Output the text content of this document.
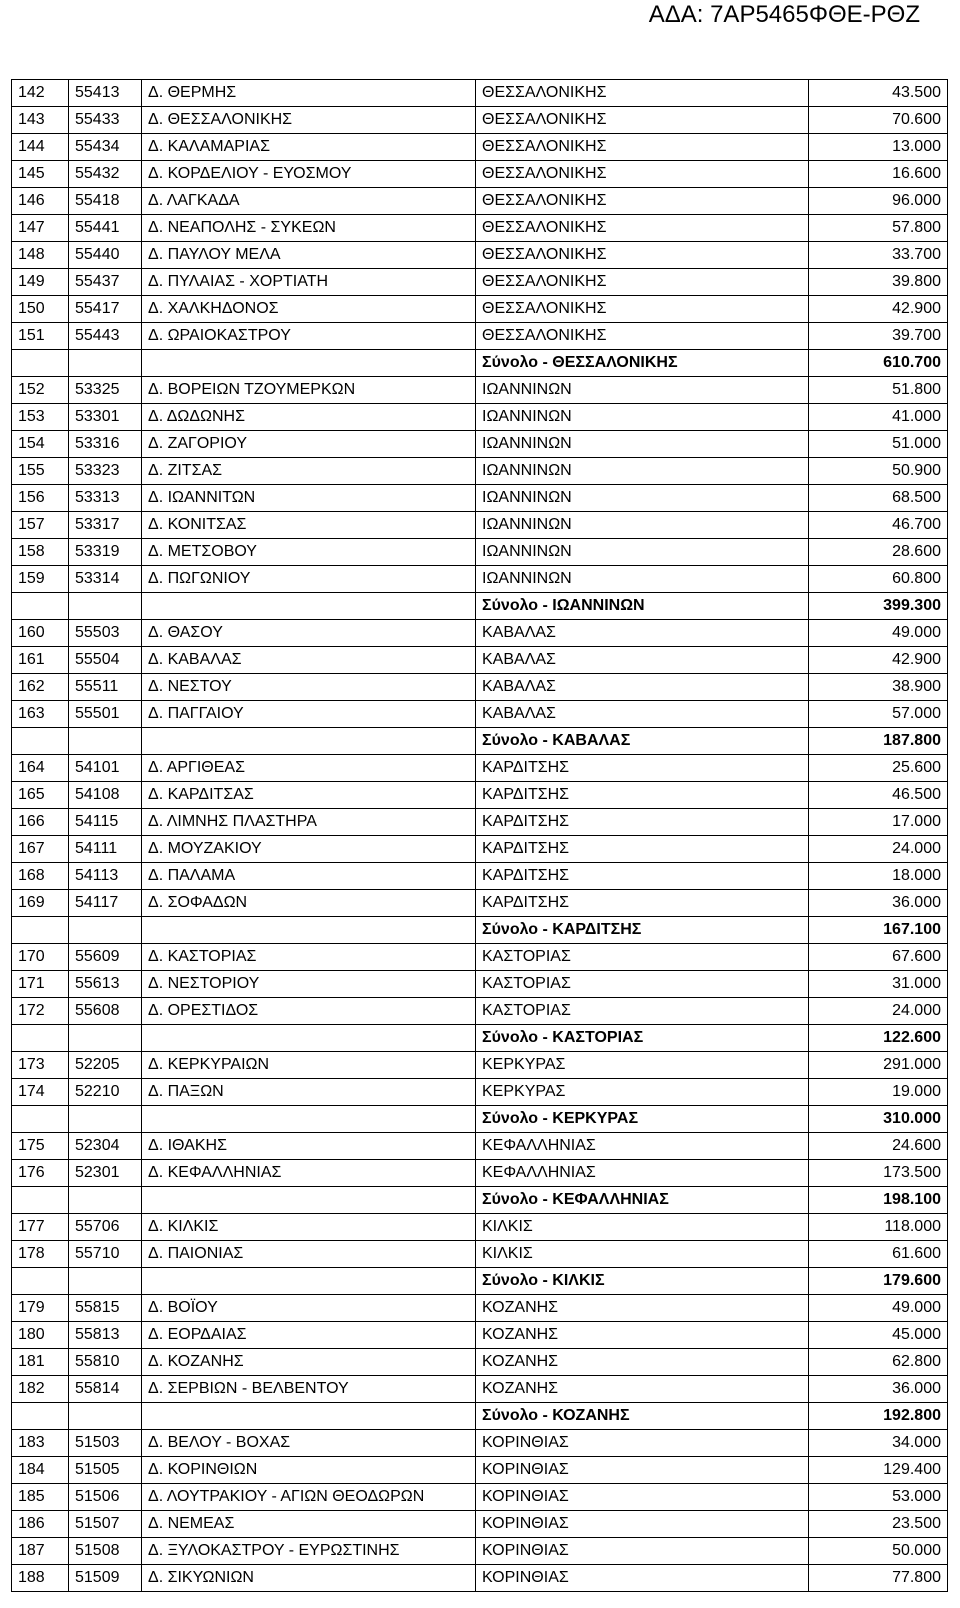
ΑΔΑ: 7ΑΡ5465ΦΘΕ-ΡΘΖ
142	55413	Δ. ΘΕΡΜΗΣ	ΘΕΣΣΑΛΟΝΙΚΗΣ	43.500
143	55433	Δ. ΘΕΣΣΑΛΟΝΙΚΗΣ	ΘΕΣΣΑΛΟΝΙΚΗΣ	70.600
144	55434	Δ. ΚΑΛΑΜΑΡΙΑΣ	ΘΕΣΣΑΛΟΝΙΚΗΣ	13.000
145	55432	Δ. ΚΟΡΔΕΛΙΟΥ - ΕΥΟΣΜΟΥ	ΘΕΣΣΑΛΟΝΙΚΗΣ	16.600
146	55418	Δ. ΛΑΓΚΑΔΑ	ΘΕΣΣΑΛΟΝΙΚΗΣ	96.000
147	55441	Δ. ΝΕΑΠΟΛΗΣ - ΣΥΚΕΩΝ	ΘΕΣΣΑΛΟΝΙΚΗΣ	57.800
148	55440	Δ. ΠΑΥΛΟΥ ΜΕΛΑ	ΘΕΣΣΑΛΟΝΙΚΗΣ	33.700
149	55437	Δ. ΠΥΛΑΙΑΣ - ΧΟΡΤΙΑΤΗ	ΘΕΣΣΑΛΟΝΙΚΗΣ	39.800
150	55417	Δ. ΧΑΛΚΗΔΟΝΟΣ	ΘΕΣΣΑΛΟΝΙΚΗΣ	42.900
151	55443	Δ. ΩΡΑΙΟΚΑΣΤΡΟΥ	ΘΕΣΣΑΛΟΝΙΚΗΣ	39.700
			Σύνολο - ΘΕΣΣΑΛΟΝΙΚΗΣ	610.700
152	53325	Δ. ΒΟΡΕΙΩΝ ΤΖΟΥΜΕΡΚΩΝ	ΙΩΑΝΝΙΝΩΝ	51.800
153	53301	Δ. ΔΩΔΩΝΗΣ	ΙΩΑΝΝΙΝΩΝ	41.000
154	53316	Δ. ΖΑΓΟΡΙΟΥ	ΙΩΑΝΝΙΝΩΝ	51.000
155	53323	Δ. ΖΙΤΣΑΣ	ΙΩΑΝΝΙΝΩΝ	50.900
156	53313	Δ. ΙΩΑΝΝΙΤΩΝ	ΙΩΑΝΝΙΝΩΝ	68.500
157	53317	Δ. ΚΟΝΙΤΣΑΣ	ΙΩΑΝΝΙΝΩΝ	46.700
158	53319	Δ. ΜΕΤΣΟΒΟΥ	ΙΩΑΝΝΙΝΩΝ	28.600
159	53314	Δ. ΠΩΓΩΝΙΟΥ	ΙΩΑΝΝΙΝΩΝ	60.800
			Σύνολο - ΙΩΑΝΝΙΝΩΝ	399.300
160	55503	Δ. ΘΑΣΟΥ	ΚΑΒΑΛΑΣ	49.000
161	55504	Δ. ΚΑΒΑΛΑΣ	ΚΑΒΑΛΑΣ	42.900
162	55511	Δ. ΝΕΣΤΟΥ	ΚΑΒΑΛΑΣ	38.900
163	55501	Δ. ΠΑΓΓΑΙΟΥ	ΚΑΒΑΛΑΣ	57.000
			Σύνολο - ΚΑΒΑΛΑΣ	187.800
164	54101	Δ. ΑΡΓΙΘΕΑΣ	ΚΑΡΔΙΤΣΗΣ	25.600
165	54108	Δ. ΚΑΡΔΙΤΣΑΣ	ΚΑΡΔΙΤΣΗΣ	46.500
166	54115	Δ. ΛΙΜΝΗΣ ΠΛΑΣΤΗΡΑ	ΚΑΡΔΙΤΣΗΣ	17.000
167	54111	Δ. ΜΟΥΖΑΚΙΟΥ	ΚΑΡΔΙΤΣΗΣ	24.000
168	54113	Δ. ΠΑΛΑΜΑ	ΚΑΡΔΙΤΣΗΣ	18.000
169	54117	Δ. ΣΟΦΑΔΩΝ	ΚΑΡΔΙΤΣΗΣ	36.000
			Σύνολο - ΚΑΡΔΙΤΣΗΣ	167.100
170	55609	Δ. ΚΑΣΤΟΡΙΑΣ	ΚΑΣΤΟΡΙΑΣ	67.600
171	55613	Δ. ΝΕΣΤΟΡΙΟΥ	ΚΑΣΤΟΡΙΑΣ	31.000
172	55608	Δ. ΟΡΕΣΤΙΔΟΣ	ΚΑΣΤΟΡΙΑΣ	24.000
			Σύνολο - ΚΑΣΤΟΡΙΑΣ	122.600
173	52205	Δ. ΚΕΡΚΥΡΑΙΩΝ	ΚΕΡΚΥΡΑΣ	291.000
174	52210	Δ. ΠΑΞΩΝ	ΚΕΡΚΥΡΑΣ	19.000
			Σύνολο - ΚΕΡΚΥΡΑΣ	310.000
175	52304	Δ. ΙΘΑΚΗΣ	ΚΕΦΑΛΛΗΝΙΑΣ	24.600
176	52301	Δ. ΚΕΦΑΛΛΗΝΙΑΣ	ΚΕΦΑΛΛΗΝΙΑΣ	173.500
			Σύνολο - ΚΕΦΑΛΛΗΝΙΑΣ	198.100
177	55706	Δ. ΚΙΛΚΙΣ	ΚΙΛΚΙΣ	118.000
178	55710	Δ. ΠΑΙΟΝΙΑΣ	ΚΙΛΚΙΣ	61.600
			Σύνολο - ΚΙΛΚΙΣ	179.600
179	55815	Δ. ΒΟΪΟΥ	ΚΟΖΑΝΗΣ	49.000
180	55813	Δ. ΕΟΡΔΑΙΑΣ	ΚΟΖΑΝΗΣ	45.000
181	55810	Δ. ΚΟΖΑΝΗΣ	ΚΟΖΑΝΗΣ	62.800
182	55814	Δ. ΣΕΡΒΙΩΝ - ΒΕΛΒΕΝΤΟΥ	ΚΟΖΑΝΗΣ	36.000
			Σύνολο - ΚΟΖΑΝΗΣ	192.800
183	51503	Δ. ΒΕΛΟΥ - ΒΟΧΑΣ	ΚΟΡΙΝΘΙΑΣ	34.000
184	51505	Δ. ΚΟΡΙΝΘΙΩΝ	ΚΟΡΙΝΘΙΑΣ	129.400
185	51506	Δ. ΛΟΥΤΡΑΚΙΟΥ - ΑΓΙΩΝ ΘΕΟΔΩΡΩΝ	ΚΟΡΙΝΘΙΑΣ	53.000
186	51507	Δ. ΝΕΜΕΑΣ	ΚΟΡΙΝΘΙΑΣ	23.500
187	51508	Δ. ΞΥΛΟΚΑΣΤΡΟΥ - ΕΥΡΩΣΤΙΝΗΣ	ΚΟΡΙΝΘΙΑΣ	50.000
188	51509	Δ. ΣΙΚΥΩΝΙΩΝ	ΚΟΡΙΝΘΙΑΣ	77.800
